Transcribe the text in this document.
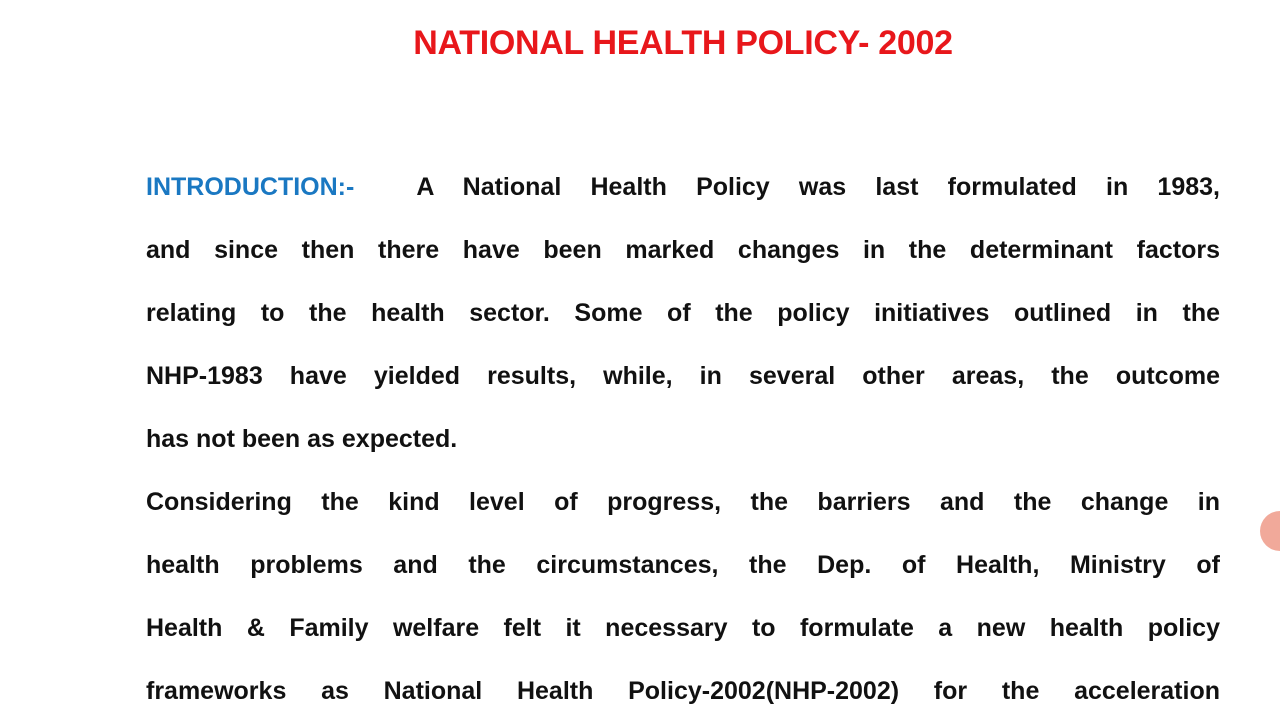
NATIONAL HEALTH POLICY- 2002
INTRODUCTION:- A National Health Policy was last formulated in 1983,
and since then there have been marked changes in the determinant factors
relating to the health sector. Some of the policy initiatives outlined in the
NHP-1983 have yielded results, while, in several other areas, the outcome
has not been as expected.
Considering the kind level of progress, the barriers and the change in
health problems and the circumstances, the Dep. of Health, Ministry of
Health & Family welfare felt it necessary to formulate a new health policy
frameworks as National Health Policy-2002(NHP-2002) for the acceleration
